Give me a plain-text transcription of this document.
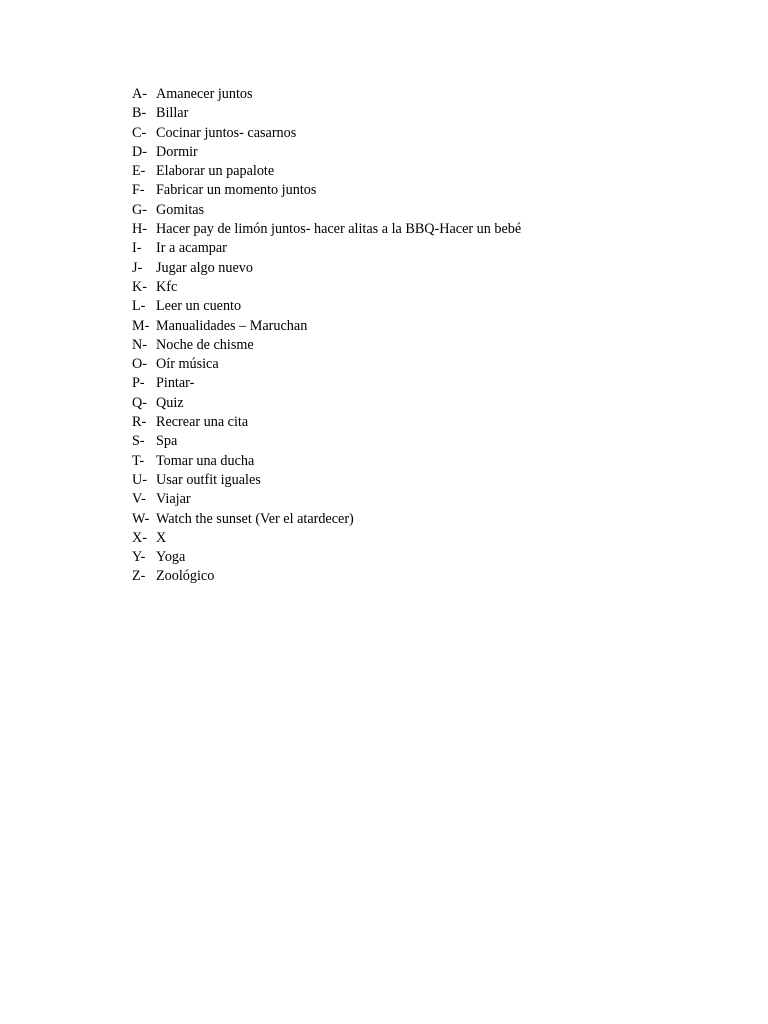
A- Amanecer juntos
B- Billar
C- Cocinar juntos- casarnos
D- Dormir
E- Elaborar un papalote
F- Fabricar un momento juntos
G- Gomitas
H- Hacer pay de limón juntos- hacer alitas a la BBQ-Hacer un bebé
I- Ir a acampar
J- Jugar algo nuevo
K- Kfc
L- Leer un cuento
M- Manualidades – Maruchan
N- Noche de chisme
O- Oír música
P- Pintar-
Q- Quiz
R- Recrear una cita
S- Spa
T- Tomar una ducha
U- Usar outfit iguales
V- Viajar
W- Watch the sunset (Ver el atardecer)
X- X
Y- Yoga
Z- Zoológico
